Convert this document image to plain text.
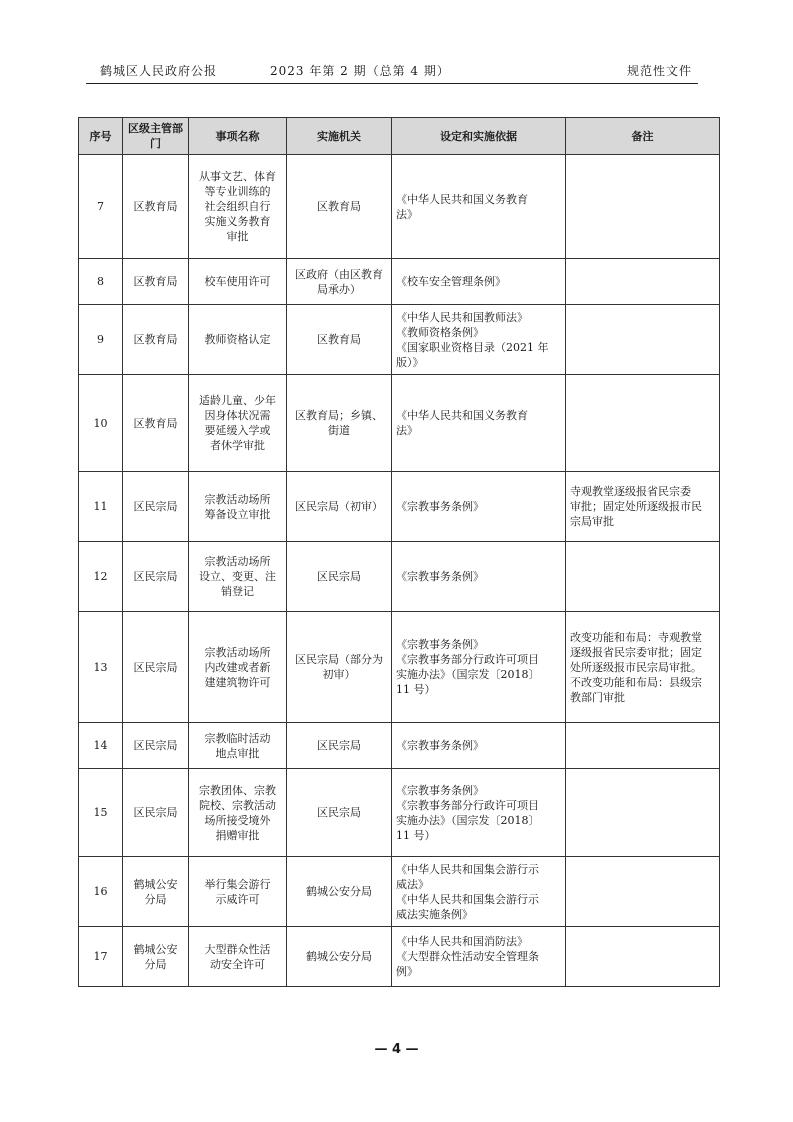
鹤城区人民政府公报	2023 年第 2 期（总第 4 期）	规范性文件
序号	区级主管部门	事项名称	实施机关	设定和实施依据	备注
7	区教育局	从事文艺、体育
等专业训练的
社会组织自行
实施义务教育
审批	区教育局	《中华人民共和国义务教育
法》	

8	区教育局	校车使用许可	区政府（由区教育
局承办）	《校车安全管理条例》	

9	区教育局	教师资格认定	区教育局	《中华人民共和国教师法》
《教师资格条例》
《国家职业资格目录（2021 年
版）》	

10	区教育局	适龄儿童、少年
因身体状况需
要延缓入学或
者休学审批	区教育局；乡镇、
街道	《中华人民共和国义务教育
法》	

11	区民宗局	宗教活动场所
筹备设立审批	区民宗局（初审）	《宗教事务条例》	寺观教堂逐级报省民宗委
审批；固定处所逐级报市民
宗局审批

12	区民宗局	宗教活动场所
设立、变更、注
销登记	区民宗局	《宗教事务条例》	

13	区民宗局	宗教活动场所
内改建或者新
建建筑物许可	区民宗局（部分为
初审）	《宗教事务条例》
《宗教事务部分行政许可项目
实施办法》（国宗发〔2018〕
11 号）	改变功能和布局：寺观教堂
逐级报省民宗委审批；固定
处所逐级报市民宗局审批。
不改变功能和布局：县级宗
教部门审批

14	区民宗局	宗教临时活动
地点审批	区民宗局	《宗教事务条例》	

15	区民宗局	宗教团体、宗教
院校、宗教活动
场所接受境外
捐赠审批	区民宗局	《宗教事务条例》
《宗教事务部分行政许可项目
实施办法》（国宗发〔2018〕
11 号）	

16	鹤城公安
分局	举行集会游行
示威许可	鹤城公安分局	《中华人民共和国集会游行示
威法》
《中华人民共和国集会游行示
威法实施条例》	

17	鹤城公安
分局	大型群众性活
动安全许可	鹤城公安分局	《中华人民共和国消防法》
《大型群众性活动安全管理条
例》	

— 4 —
